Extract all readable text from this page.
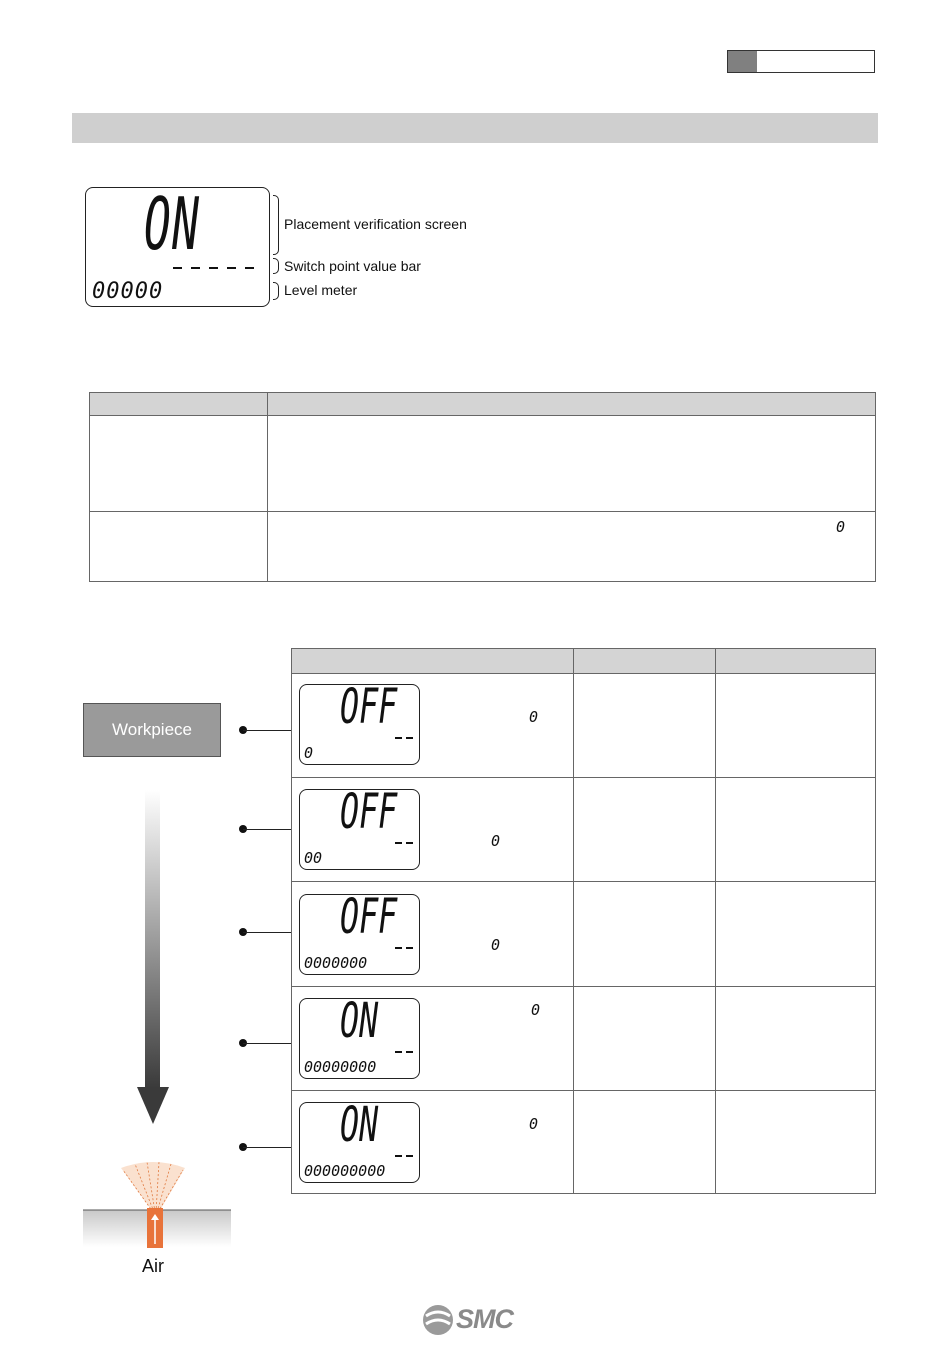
ON
00000
Placement verification screen
Switch point value bar
Level meter
0
OFF
0
0
OFF
00
0
OFF
0000000
0
ON
00000000
0
ON
000000000
0
Workpiece
Air
SMC
